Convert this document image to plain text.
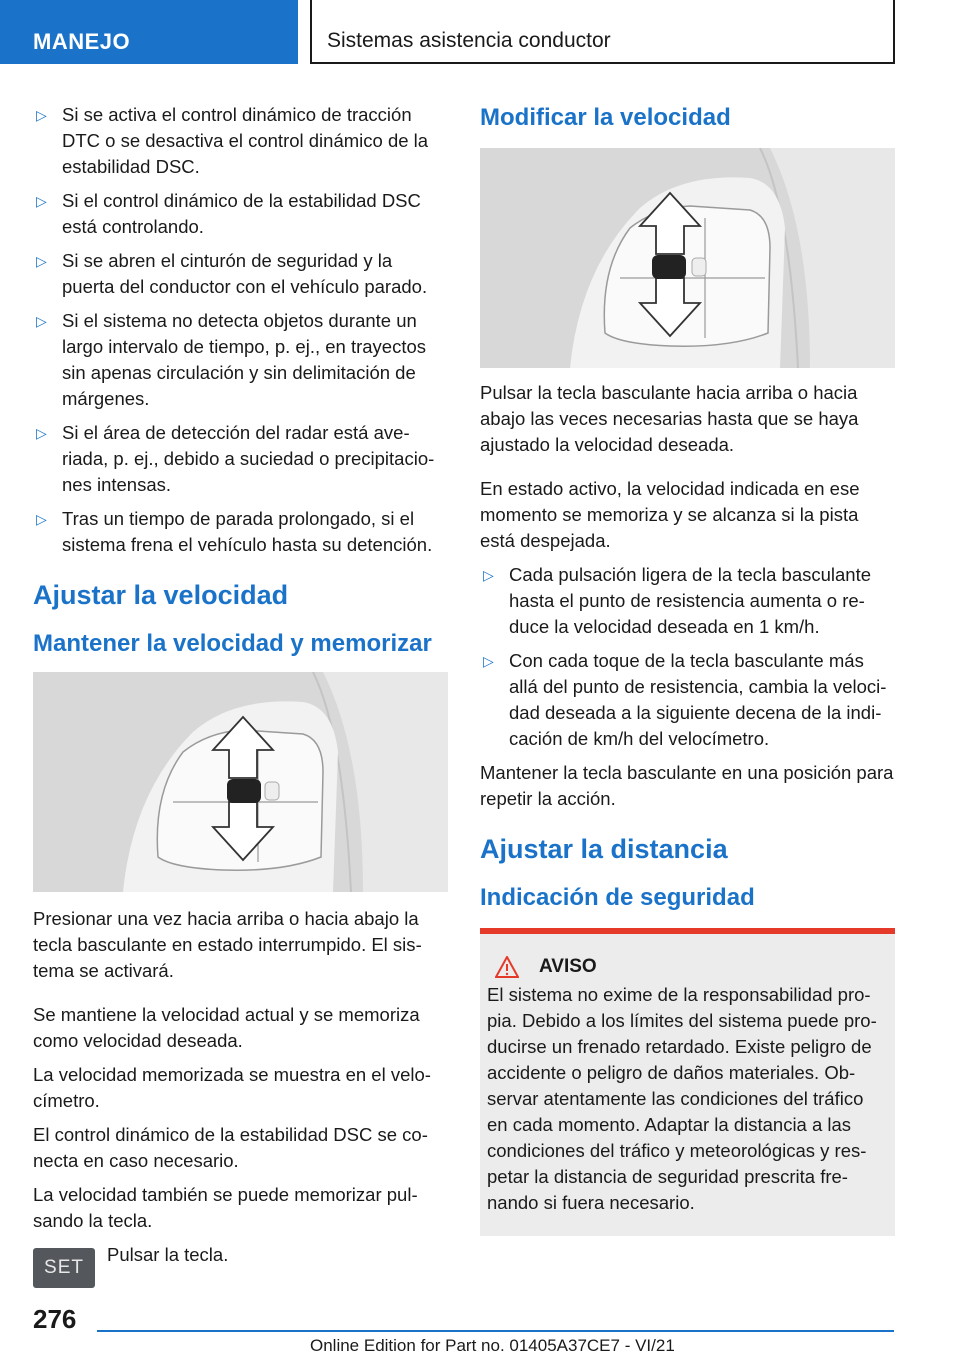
MANEJO	Sistemas asistencia conductor
▷ Si se activa el control dinámico de tracción DTC o se desactiva el control dinámico de la estabilidad DSC.
▷ Si el control dinámico de la estabilidad DSC está controlando.
▷ Si se abren el cinturón de seguridad y la puerta del conductor con el vehículo parado.
▷ Si el sistema no detecta objetos durante un largo intervalo de tiempo, p. ej., en trayectos sin apenas circulación y sin delimitación de márgenes.
▷ Si el área de detección del radar está averiada, p. ej., debido a suciedad o precipitaciones intensas.
▷ Tras un tiempo de parada prolongado, si el sistema frena el vehículo hasta su detención.
Ajustar la velocidad
Mantener la velocidad y memorizar

Presionar una vez hacia arriba o hacia abajo la tecla basculante en estado interrumpido. El sistema se activará.

Se mantiene la velocidad actual y se memoriza como velocidad deseada.

La velocidad memorizada se muestra en el velocímetro.

El control dinámico de la estabilidad DSC se conecta en caso necesario.

La velocidad también se puede memorizar pulsando la tecla.

SET
Pulsar la tecla.
Modificar la velocidad

Pulsar la tecla basculante hacia arriba o hacia abajo las veces necesarias hasta que se haya ajustado la velocidad deseada.

En estado activo, la velocidad indicada en ese momento se memoriza y se alcanza si la pista está despejada.

▷ Cada pulsación ligera de la tecla basculante hasta el punto de resistencia aumenta o reduce la velocidad deseada en 1 km/h.
▷ Con cada toque de la tecla basculante más allá del punto de resistencia, cambia la velocidad deseada a la siguiente decena de la indicación de km/h del velocímetro.

Mantener la tecla basculante en una posición para repetir la acción.

Ajustar la distancia
Indicación de seguridad
AVISO

El sistema no exime de la responsabilidad propia. Debido a los límites del sistema puede producirse un frenado retardado. Existe peligro de accidente o peligro de daños materiales. Observar atentamente las condiciones del tráfico en cada momento. Adaptar la distancia a las condiciones del tráfico y meteorológicas y respetar la distancia de seguridad prescrita frenando si fuera necesario.

276
Online Edition for Part no. 01405A37CE7 - VI/21
